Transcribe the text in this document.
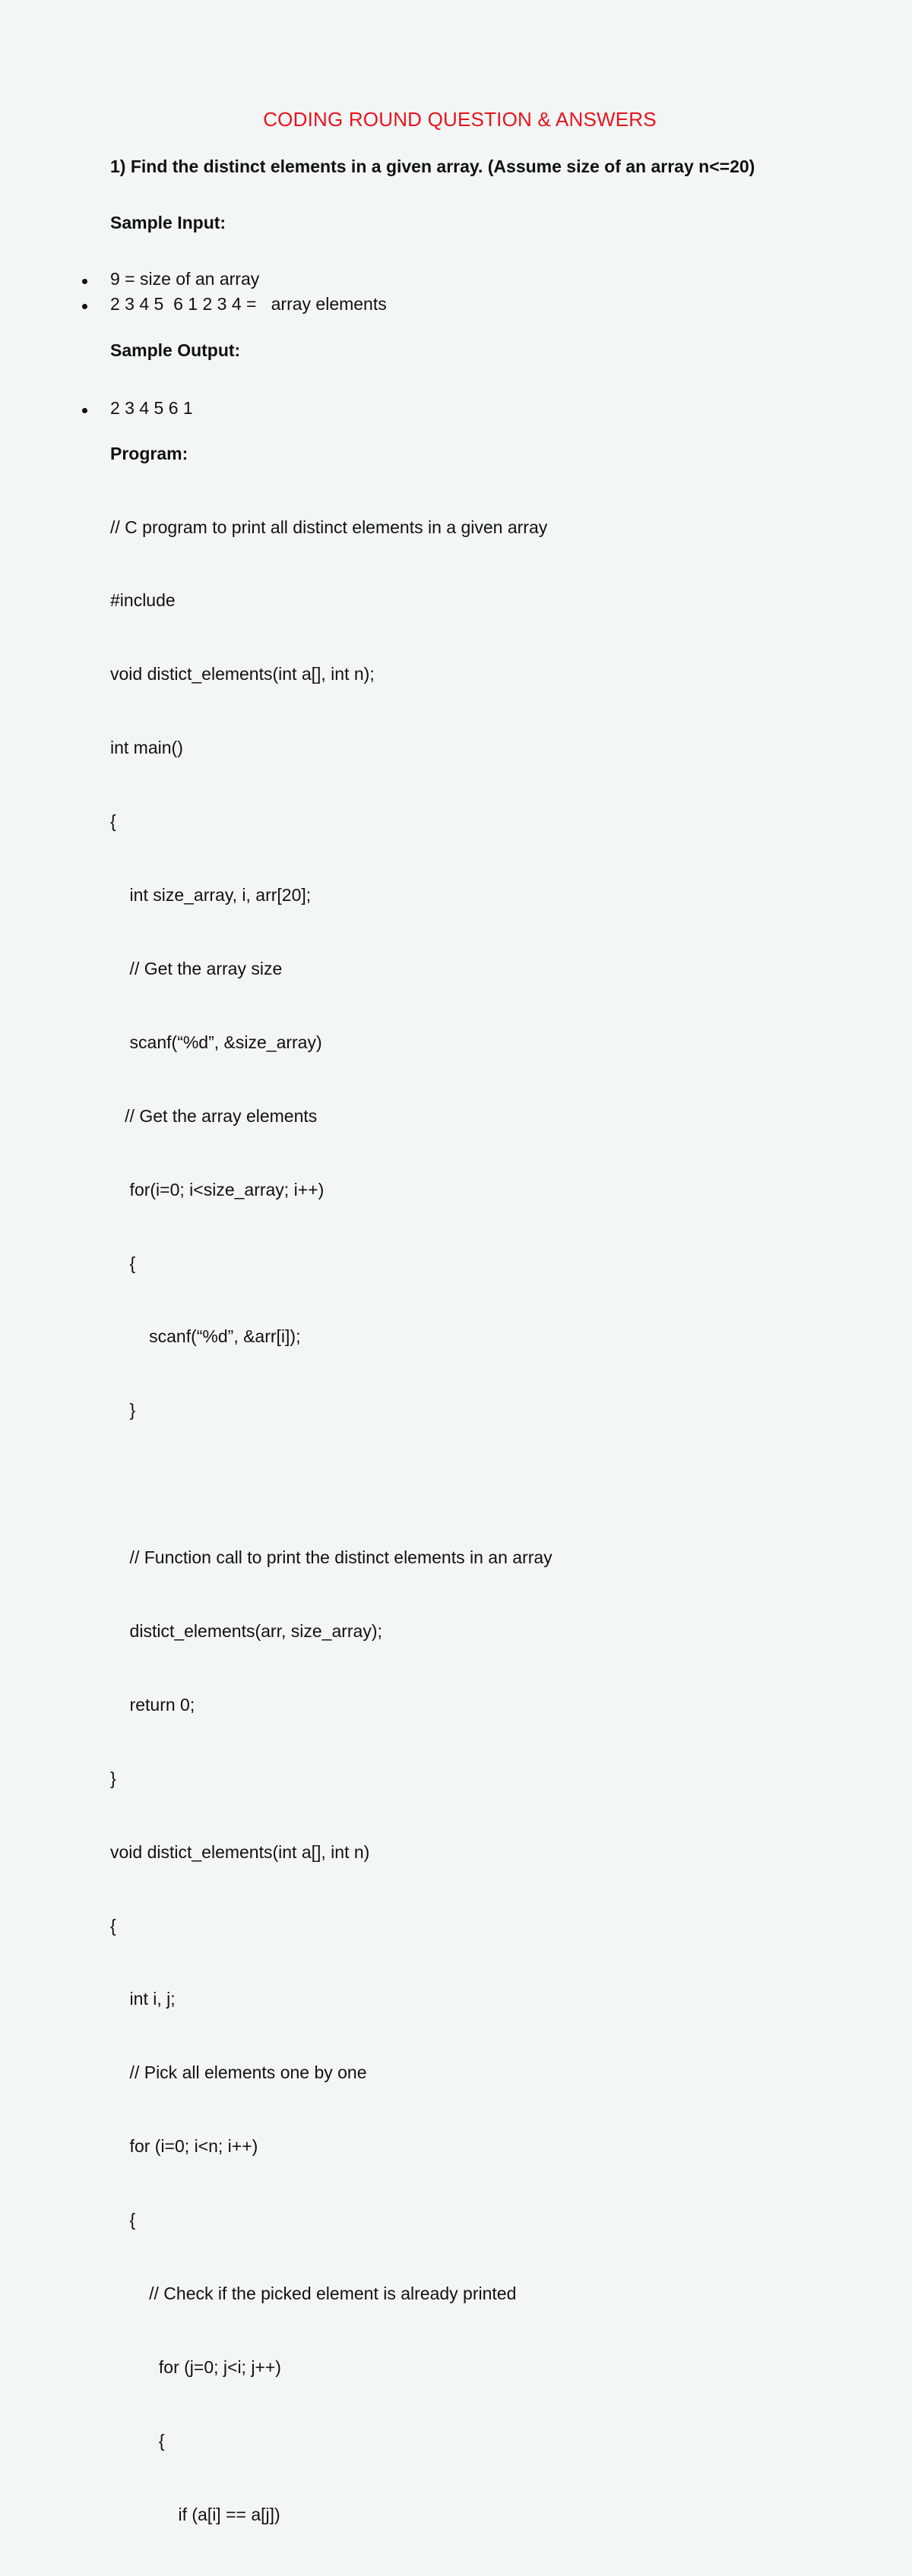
CODING ROUND QUESTION & ANSWERS
1) Find the distinct elements in a given array. (Assume size of an array n<=20)
Sample Input:

9 = size of an array

2 3 4 5  6 1 2 3 4 =   array elements

Sample Output:

2 3 4 5 6 1

Program:

// C program to print all distinct elements in a given array

#include

void distict_elements(int a[], int n);

int main()

{

int size_array, i, arr[20];

// Get the array size

scanf(“%d”, &size_array)

// Get the array elements

for(i=0; i<size_array; i++)

{

scanf(“%d”, &arr[i]);

}

// Function call to print the distinct elements in an array

distict_elements(arr, size_array);

return 0;

}

void distict_elements(int a[], int n)

{

int i, j;

// Pick all elements one by one

for (i=0; i<n; i++)

{

// Check if the picked element is already printed

for (j=0; j<i; j++)

{

if (a[i] == a[j])
